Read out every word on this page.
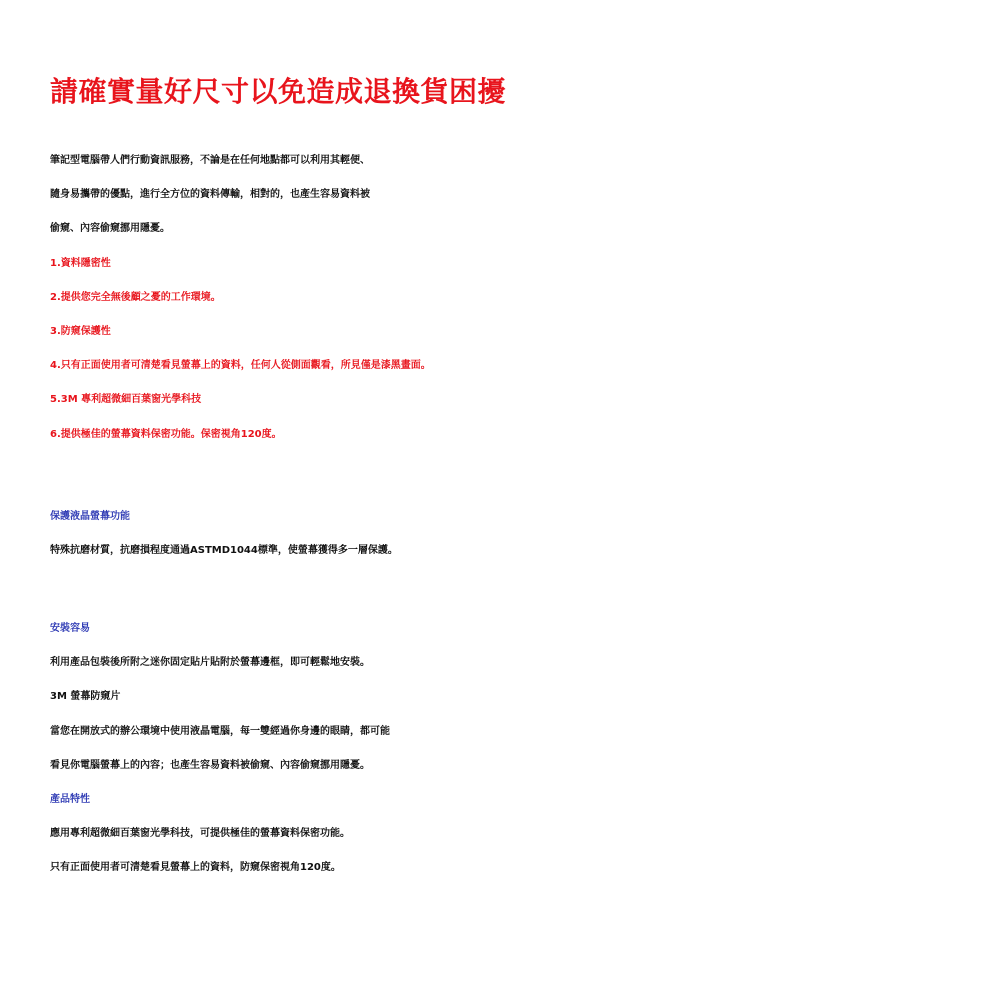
請確實量好尺寸以免造成退換貨困擾
筆記型電腦帶人們行動資訊服務，不論是在任何地點都可以利用其輕便、
隨身易攜帶的優點，進行全方位的資料傳輸，相對的，也產生容易資料被
偷窺、內容偷窺挪用隱憂。
1.資料隱密性
2.提供您完全無後顧之憂的工作環境。
3.防窺保護性
4.只有正面使用者可清楚看見螢幕上的資料，任何人從側面觀看，所見僅是漆黑畫面。
5.3M 專利超微細百葉窗光學科技
6.提供極佳的螢幕資料保密功能。保密視角120度。
保護液晶螢幕功能
特殊抗磨材質，抗磨損程度通過ASTMD1044標準，使螢幕獲得多一層保護。
安裝容易
利用產品包裝後所附之迷你固定貼片貼附於螢幕邊框，即可輕鬆地安裝。
3M 螢幕防窺片
當您在開放式的辦公環境中使用液晶電腦，每一雙經過你身邊的眼睛，都可能
看見你電腦螢幕上的內容；也產生容易資料被偷窺、內容偷窺挪用隱憂。
產品特性
應用專利超微細百葉窗光學科技，可提供極佳的螢幕資料保密功能。
只有正面使用者可清楚看見螢幕上的資料，防窺保密視角120度。
